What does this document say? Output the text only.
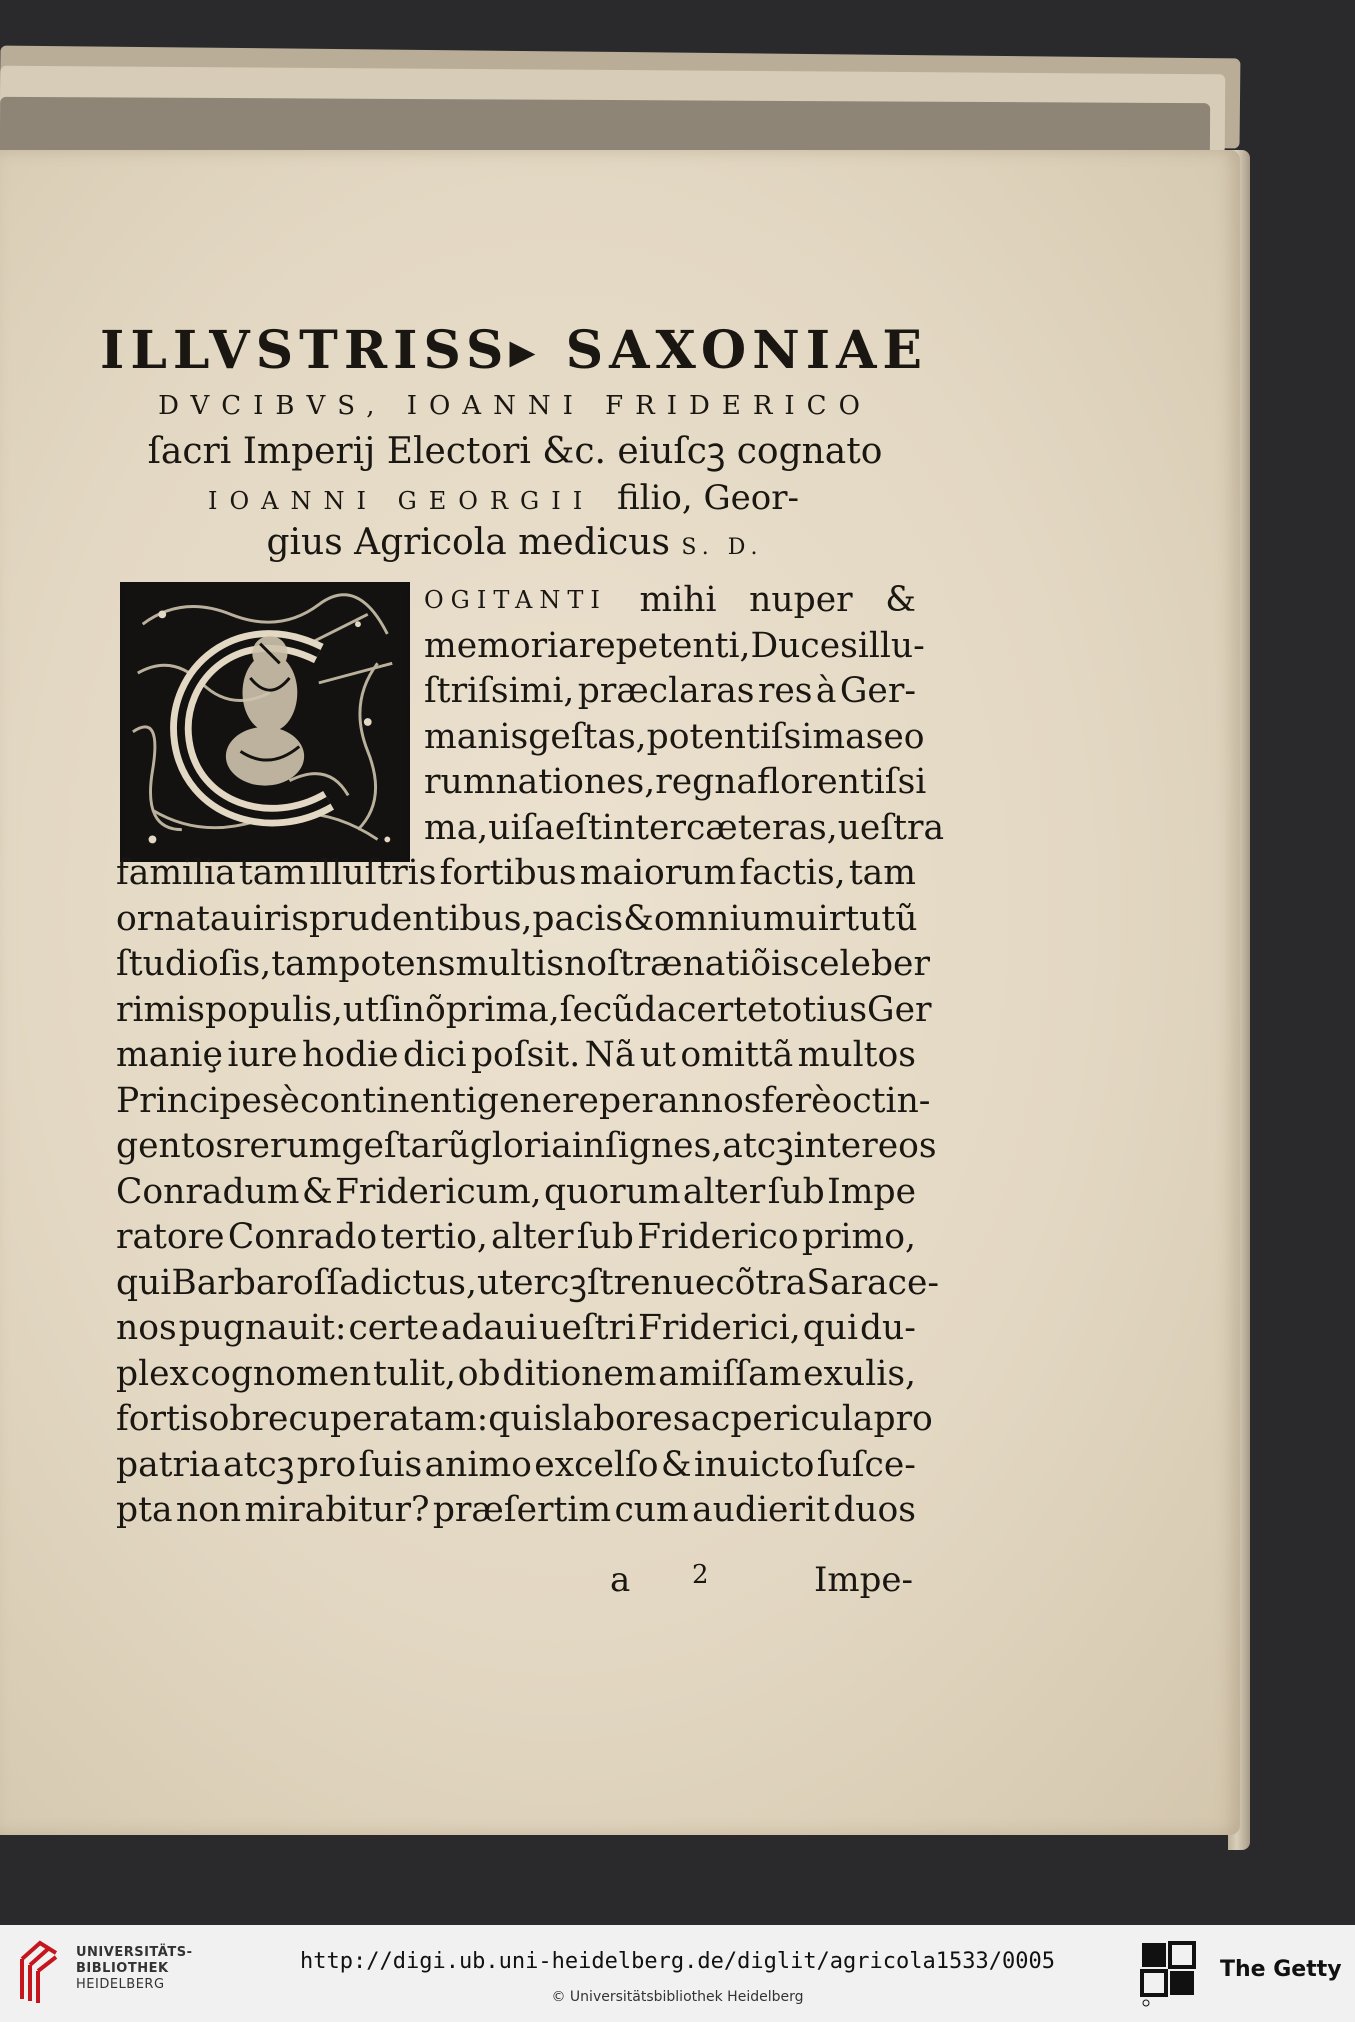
ILLVSTRISS▸ SAXONIAE
DVCIBVS, IOANNI FRIDERICO
ſacri Imperij Electori &c. eiuſcꝫ cognato
IOANNI GEORGII filio, Geor-
gius Agricola medicus S. D.
OGITANTI mihi nuper &
memoria repetenti, Duces illu-
ſtriſsimi, præclaras res à Ger-
manis geſtas, potentiſsimas eo
rum nationes, regna florentiſsi
ma, uiſa eſt inter cæteras, ueſtra
familia tam illuſtris fortibus maiorum factis, tam
ornata uiris prudentibus, pacis & omnium uirtutũ
ſtudioſis, tam potens multis noſtræ natiõis celeber
rimis populis, ut ſi nõ prima, ſecũda certe totius Ger
maniȩ iure hodie dici poſsit. Nã ut omittã multos
Principes è continenti genere per annos ferè octin-
gentos rerum geſtarũ gloria inſignes, atcꝫ inter eos
Conradum & Fridericum, quorum alter ſub Impe
ratore Conrado tertio, alter ſub Friderico primo,
qui Barbaroſſa dictus, utercꝫ ſtrenue cõtra Sarace-
nos pugnauit: certe adaui ueſtri Friderici, qui du-
plex cognomen tulit, ob ditionem amiſſam exulis,
fortis ob recuperatam: quis labores ac pericula pro
patria atcꝫ pro ſuis animo excelſo & inuicto ſuſce-
pta non mirabitur? præſertim cum audierit duos
a 2	Impe-
UNIVERSITÄTS-
BIBLIOTHEK
HEIDELBERG
http://digi.ub.uni-heidelberg.de/diglit/agricola1533/0005
© Universitätsbibliothek Heidelberg
The Getty
